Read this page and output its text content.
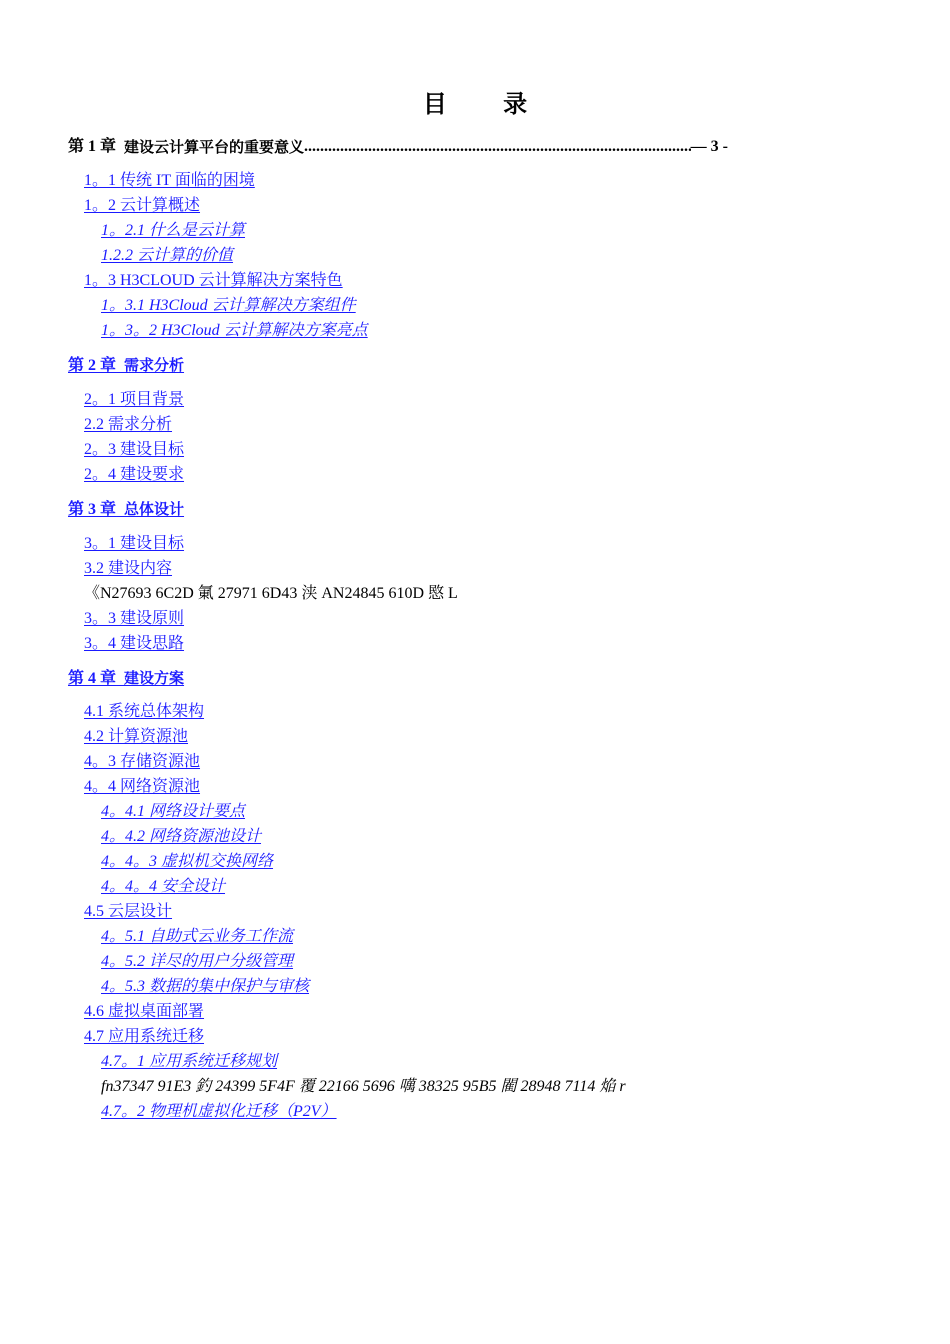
目 录
第 1 章
建设云计算平台的重要意义
.....	— 3 -
1。1 传统 IT 面临的困境
1。2 云计算概述
1。2.1 什么是云计算
1.2.2 云计算的价值
1。3 H3CLOUD 云计算解决方案特色
1。3.1 H3Cloud 云计算解决方案组件
1。3。2 H3Cloud 云计算解决方案亮点
第 2 章 需求分析
2。1 项目背景
2.2 需求分析
2。3 建设目标
2。4 建设要求
第 3 章 总体设计
3。1 建设目标
3.2 建设内容
《N27693 6C2D 氭 27971 6D43 浃 AN24845 610D 愍 L
3。3 建设原则
3。4 建设思路
第 4 章 建设方案
4.1 系统总体架构
4.2 计算资源池
4。3 存储资源池
4。4 网络资源池
4。4.1 网络设计要点
4。4.2 网络资源池设计
4。4。3 虚拟机交换网络
4。4。4 安全设计
4.5 云层设计
4。5.1 自助式云业务工作流
4。5.2 详尽的用户分级管理
4。5.3 数据的集中保护与审核
4.6 虚拟桌面部署
4.7 应用系统迁移
4.7。1 应用系统迁移规划
fn37347 91E3 釣 24399 5F4F 覆 22166 5696 噧 38325 95B5 閵 28948 7114 焔 r
4.7。2 物理机虚拟化迁移（P2V）
